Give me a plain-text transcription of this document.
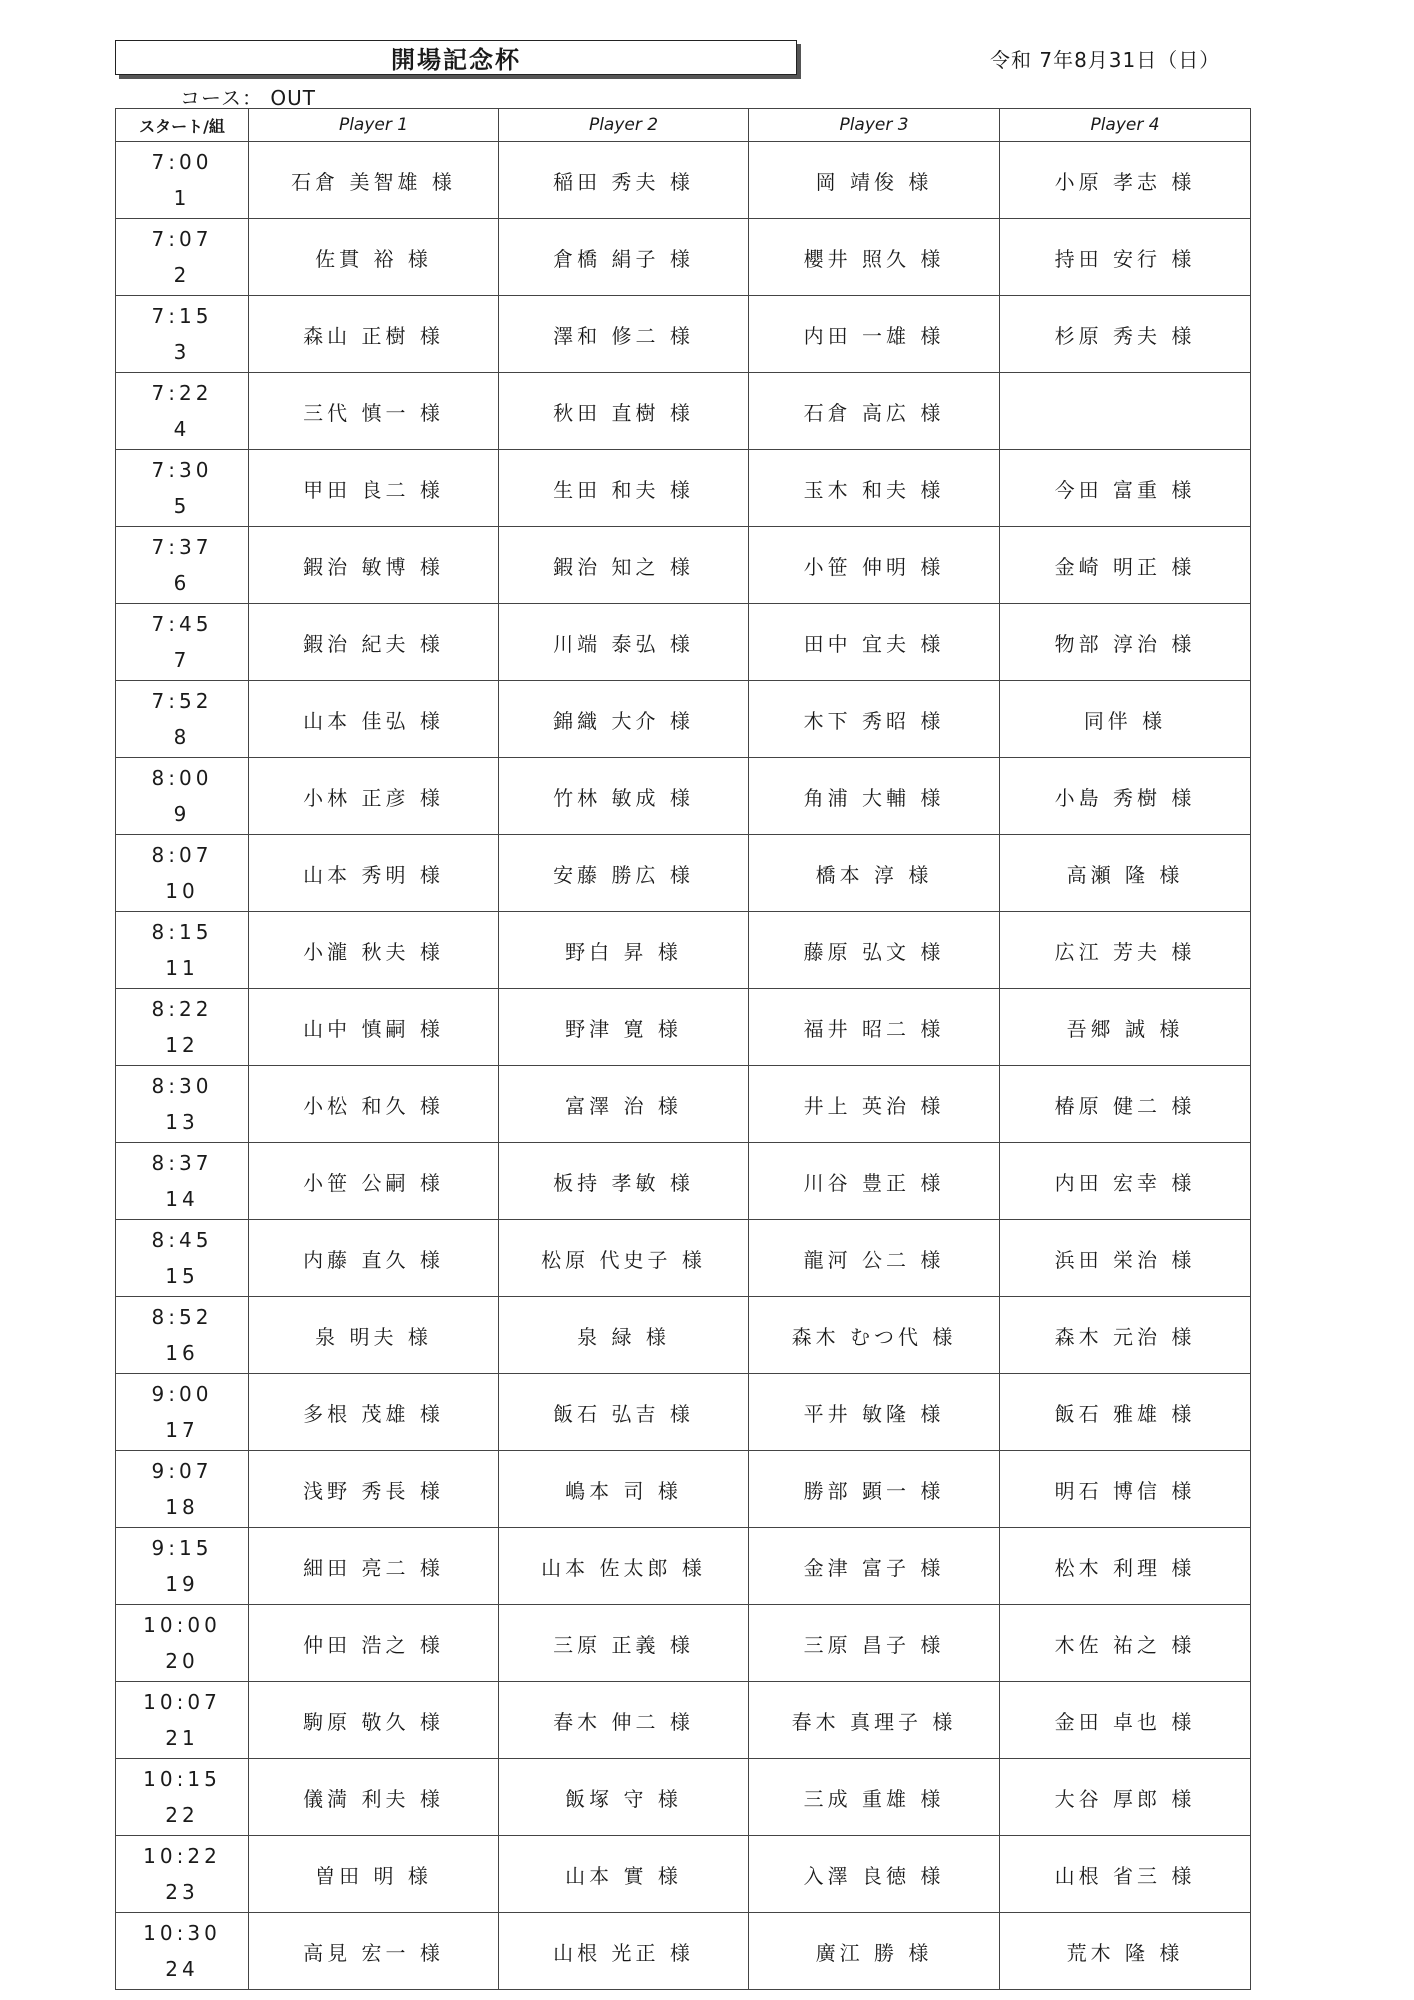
開場記念杯	令和 7年8月31日（日）
コース： OUT
スタート/組	Player 1	Player 2	Player 3	Player 4

7:00
1	石倉 美智雄 様	稲田 秀夫 様	岡 靖俊 様	小原 孝志 様

7:07
2	佐貫 裕 様	倉橋 絹子 様	櫻井 照久 様	持田 安行 様

7:15
3	森山 正樹 様	澤和 修二 様	内田 一雄 様	杉原 秀夫 様

7:22
4	三代 慎一 様	秋田 直樹 様	石倉 高広 様	

7:30
5	甲田 良二 様	生田 和夫 様	玉木 和夫 様	今田 富重 様

7:37
6	鍜治 敏博 様	鍜治 知之 様	小笹 伸明 様	金崎 明正 様

7:45
7	鍜治 紀夫 様	川端 泰弘 様	田中 宜夫 様	物部 淳治 様

7:52
8	山本 佳弘 様	錦織 大介 様	木下 秀昭 様	同伴 様

8:00
9	小林 正彦 様	竹林 敏成 様	角浦 大輔 様	小島 秀樹 様

8:07
10	山本 秀明 様	安藤 勝広 様	橋本 淳 様	高瀬 隆 様

8:15
11	小瀧 秋夫 様	野白 昇 様	藤原 弘文 様	広江 芳夫 様

8:22
12	山中 慎嗣 様	野津 寛 様	福井 昭二 様	吾郷 誠 様

8:30
13	小松 和久 様	富澤 治 様	井上 英治 様	椿原 健二 様

8:37
14	小笹 公嗣 様	板持 孝敏 様	川谷 豊正 様	内田 宏幸 様

8:45
15	内藤 直久 様	松原 代史子 様	龍河 公二 様	浜田 栄治 様

8:52
16	泉 明夫 様	泉 緑 様	森木 むつ代 様	森木 元治 様

9:00
17	多根 茂雄 様	飯石 弘吉 様	平井 敏隆 様	飯石 雅雄 様

9:07
18	浅野 秀長 様	嶋本 司 様	勝部 顕一 様	明石 博信 様

9:15
19	細田 亮二 様	山本 佐太郎 様	金津 富子 様	松木 利理 様

10:00
20	仲田 浩之 様	三原 正義 様	三原 昌子 様	木佐 祐之 様

10:07
21	駒原 敬久 様	春木 伸二 様	春木 真理子 様	金田 卓也 様

10:15
22	儀満 利夫 様	飯塚 守 様	三成 重雄 様	大谷 厚郎 様

10:22
23	曽田 明 様	山本 實 様	入澤 良徳 様	山根 省三 様

10:30
24	高見 宏一 様	山根 光正 様	廣江 勝 様	荒木 隆 様
